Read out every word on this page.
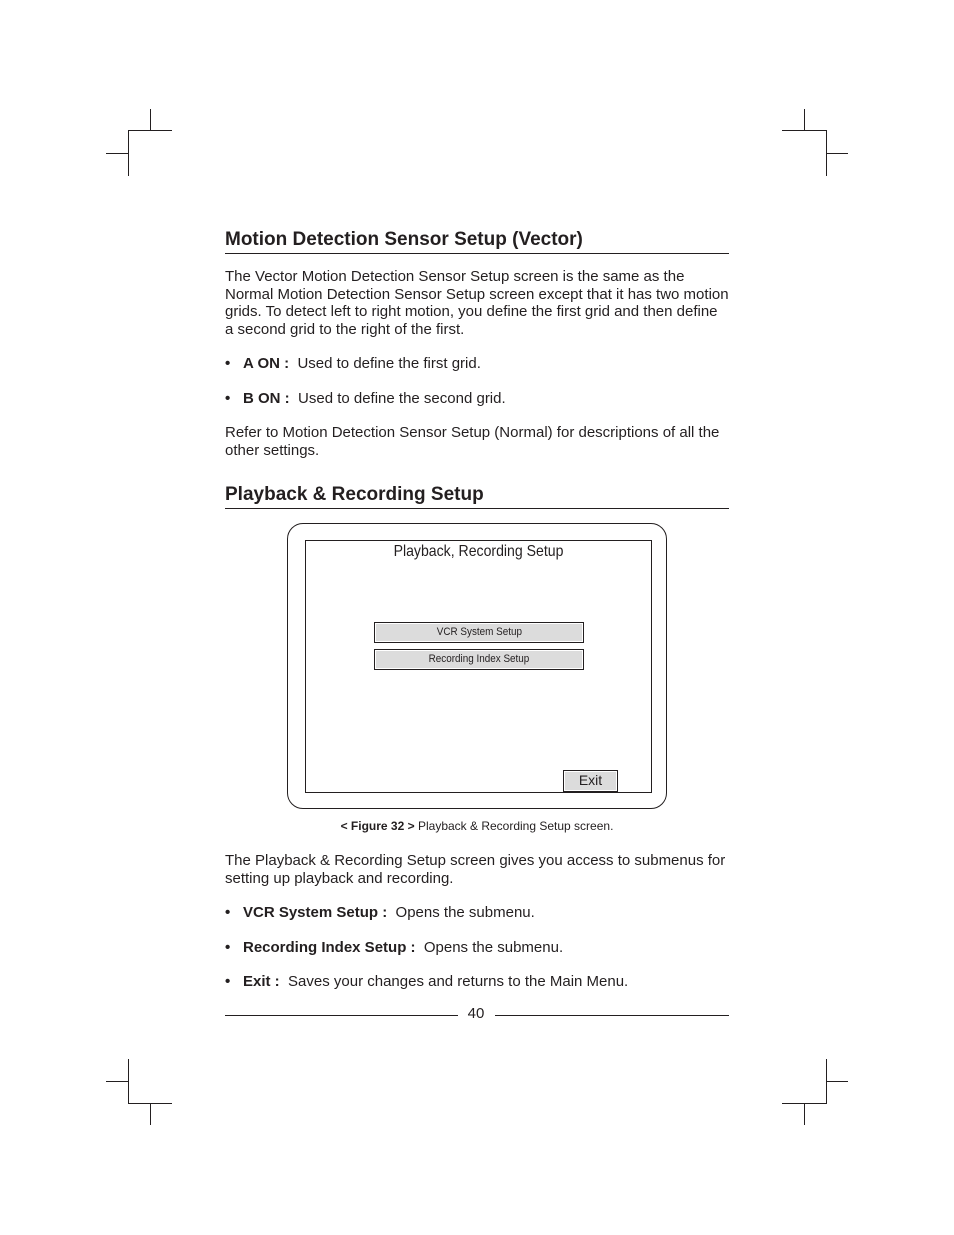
Motion Detection Sensor Setup (Vector)

The Vector Motion Detection Sensor Setup screen is the same as the Normal Motion Detection Sensor Setup screen except that it has two motion grids. To detect left to right motion, you define the first grid and then define a second grid to the right of the first.

• A ON : Used to define the first grid.

• B ON : Used to define the second grid.

Refer to Motion Detection Sensor Setup (Normal) for descriptions of all the other settings.

Playback & Recording Setup
Playback, Recording Setup
VCR System Setup
Recording Index Setup
Exit
< Figure 32 > Playback & Recording Setup screen.

The Playback & Recording Setup screen gives you access to submenus for setting up playback and recording.

• VCR System Setup : Opens the submenu.

• Recording Index Setup : Opens the submenu.

• Exit : Saves your changes and returns to the Main Menu.

40
